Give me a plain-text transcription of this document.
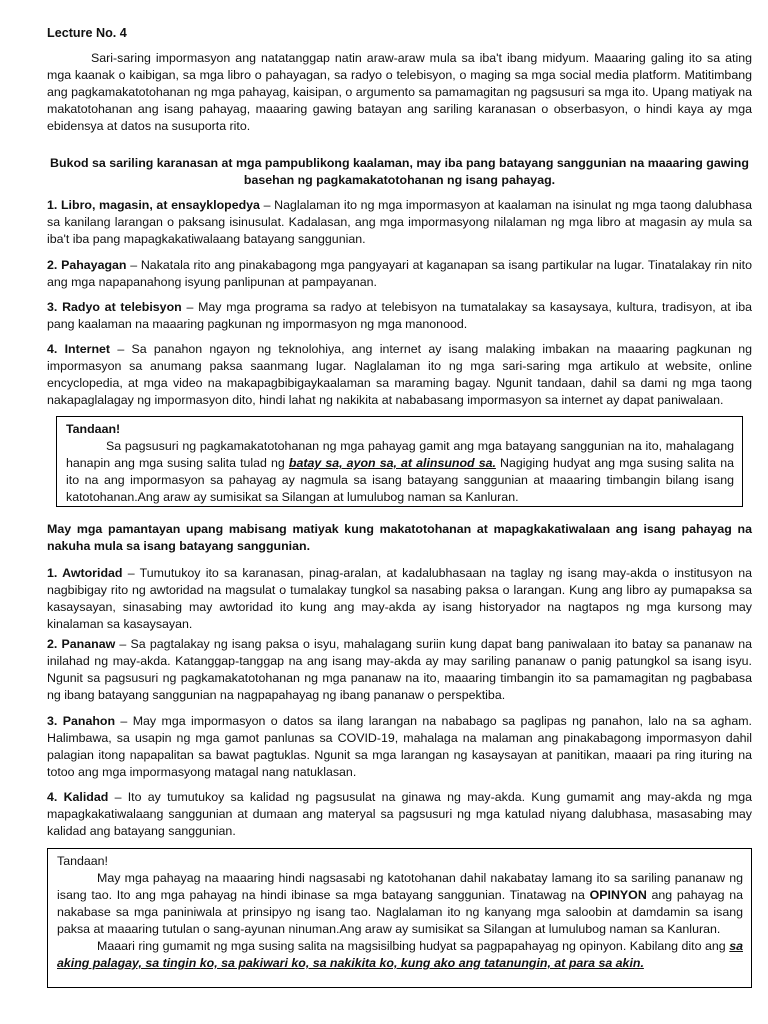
Lecture No. 4

Sari-saring impormasyon ang natatanggap natin araw-araw mula sa iba't ibang midyum. Maaaring galing ito sa ating mga kaanak o kaibigan, sa mga libro o pahayagan, sa radyo o telebisyon, o maging sa mga social media platform. Matitimbang ang pagkamakatotohanan ng mga pahayag, kaisipan, o argumento sa pamamagitan ng pagsusuri sa mga ito. Upang matiyak na makatotohanan ang isang pahayag, maaaring gawing batayan ang sariling karanasan o obserbasyon, o hindi kaya ay mga ebidensya at datos na susuporta rito.

Bukod sa sariling karanasan at mga pampublikong kaalaman, may iba pang batayang sanggunian na maaaring gawing basehan ng pagkamakatotohanan ng isang pahayag.

1. Libro, magasin, at ensayklopedya – Naglalaman ito ng mga impormasyon at kaalaman na isinulat ng mga taong dalubhasa sa kanilang larangan o paksang isinusulat. Kadalasan, ang mga impormasyong nilalaman ng mga libro at magasin ay mula sa iba't iba pang mapagkakatiwalaang batayang sanggunian.

2. Pahayagan – Nakatala rito ang pinakabagong mga pangyayari at kaganapan sa isang partikular na lugar. Tinatalakay rin nito ang mga napapanahong isyung panlipunan at pampayanan.

3. Radyo at telebisyon – May mga programa sa radyo at telebisyon na tumatalakay sa kasaysaya, kultura, tradisyon, at iba pang kaalaman na maaaring pagkunan ng impormasyon ng mga manonood.

4. Internet – Sa panahon ngayon ng teknolohiya, ang internet ay isang malaking imbakan na maaaring pagkunan ng impormasyon sa anumang paksa saanmang lugar. Naglalaman ito ng mga sari-saring mga artikulo at website, online encyclopedia, at mga video na makapagbibigaykaalaman sa maraming bagay. Ngunit tandaan, dahil sa dami ng mga taong nakapaglalagay ng impormasyon dito, hindi lahat ng nakikita at nababasang impormasyon sa internet ay dapat paniwalaan.

Tandaan!

Sa pagsusuri ng pagkamakatotohanan ng mga pahayag gamit ang mga batayang sanggunian na ito, mahalagang hanapin ang mga susing salita tulad ng batay sa, ayon sa, at alinsunod sa. Nagiging hudyat ang mga susing salita na ito na ang impormasyon sa pahayag ay nagmula sa isang batayang sanggunian at maaaring timbangin bilang isang katotohanan.Ang araw ay sumisikat sa Silangan at lumulubog naman sa Kanluran.

May mga pamantayan upang mabisang matiyak kung makatotohanan at mapagkakatiwalaan ang isang pahayag na nakuha mula sa isang batayang sanggunian.

1. Awtoridad – Tumutukoy ito sa karanasan, pinag-aralan, at kadalubhasaan na taglay ng isang may-akda o institusyon na nagbibigay rito ng awtoridad na magsulat o tumalakay tungkol sa nasabing paksa o larangan. Kung ang libro ay pumapaksa sa kasaysayan, sinasabing may awtoridad ito kung ang may-akda ay isang historyador na nagtapos ng mga kursong may kinalaman sa kasaysayan.

2. Pananaw – Sa pagtalakay ng isang paksa o isyu, mahalagang suriin kung dapat bang paniwalaan ito batay sa pananaw na inilahad ng may-akda. Katanggap-tanggap na ang isang may-akda ay may sariling pananaw o panig patungkol sa isang isyu. Ngunit sa pagsusuri ng pagkamakatotohanan ng mga pananaw na ito, maaaring timbangin ito sa pamamagitan ng pagbabasa ng ibang batayang sanggunian na nagpapahayag ng ibang pananaw o perspektiba.

3. Panahon – May mga impormasyon o datos sa ilang larangan na nababago sa paglipas ng panahon, lalo na sa agham. Halimbawa, sa usapin ng mga gamot panlunas sa COVID-19, mahalaga na malaman ang pinakabagong impormasyon dahil palagian itong napapalitan sa bawat pagtuklas. Ngunit sa mga larangan ng kasaysayan at panitikan, maaari pa ring ituring na totoo ang mga impormasyong matagal nang natuklasan.

4. Kalidad – Ito ay tumutukoy sa kalidad ng pagsusulat na ginawa ng may-akda. Kung gumamit ang may-akda ng mga mapagkakatiwalaang sanggunian at dumaan ang materyal sa pagsusuri ng mga katulad niyang dalubhasa, masasabing may kalidad ang batayang sanggunian.

Tandaan!

May mga pahayag na maaaring hindi nagsasabi ng katotohanan dahil nakabatay lamang ito sa sariling pananaw ng isang tao. Ito ang mga pahayag na hindi ibinase sa mga batayang sanggunian. Tinatawag na OPINYON ang pahayag na nakabase sa mga paniniwala at prinsipyo ng isang tao. Naglalaman ito ng kanyang mga saloobin at damdamin sa isang paksa at maaaring tutulan o sang-ayunan ninuman.Ang araw ay sumisikat sa Silangan at lumulubog naman sa Kanluran.

Maaari ring gumamit ng mga susing salita na magsisilbing hudyat sa pagpapahayag ng opinyon. Kabilang dito ang sa aking palagay, sa tingin ko, sa pakiwari ko, sa nakikita ko, kung ako ang tatanungin, at para sa akin.
